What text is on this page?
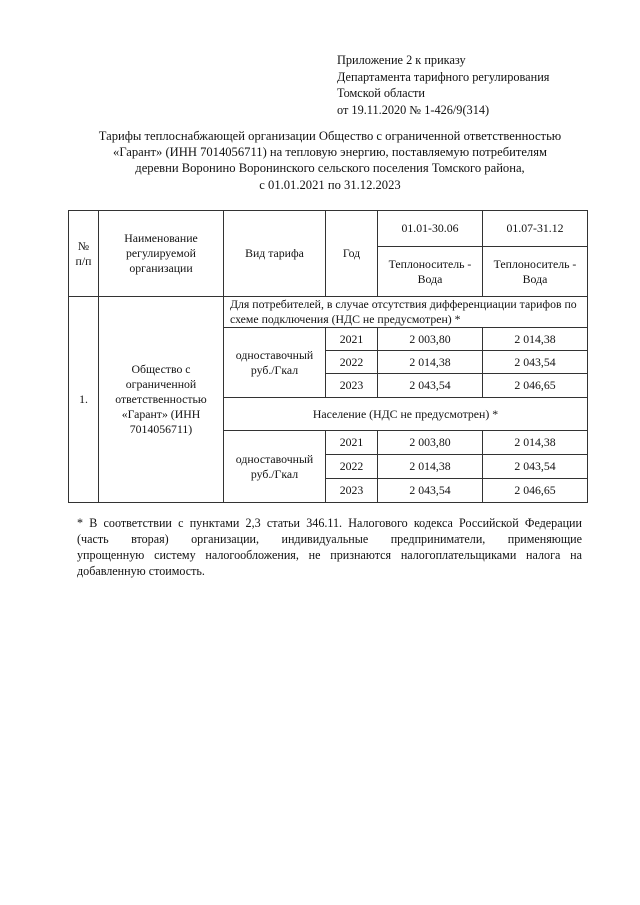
Приложение 2 к приказу
Департамента тарифного регулирования
Томской области
от 19.11.2020 № 1-426/9(314)
Тарифы теплоснабжающей организации Общество с ограниченной ответственностью
«Гарант» (ИНН 7014056711) на тепловую энергию, поставляемую потребителям
деревни Воронино Воронинского сельского поселения Томского района,
с 01.01.2021 по 31.12.2023
№ п/п	Наименование регулируемой организации	Вид тарифа	Год	01.01-30.06	01.07-31.12
				Теплоноситель - Вода	Теплоноситель - Вода
1.	Общество с ограниченной ответственностью «Гарант» (ИНН 7014056711)	Для потребителей, в случае отсутствия дифференциации тарифов по схеме подключения (НДС не предусмотрен) *			
		одноставочный руб./Гкал	2021	2 003,80	2 014,38
			2022	2 014,38	2 043,54
			2023	2 043,54	2 046,65
		Население (НДС не предусмотрен) *			
		одноставочный руб./Гкал	2021	2 003,80	2 014,38
			2022	2 014,38	2 043,54
			2023	2 043,54	2 046,65
* В соответствии с пунктами 2,3 статьи 346.11. Налогового кодекса Российской Федерации
(часть вторая) организации, индивидуальные предприниматели, применяющие
упрощенную систему налогообложения, не признаются налогоплательщиками налога на
добавленную стоимость.
